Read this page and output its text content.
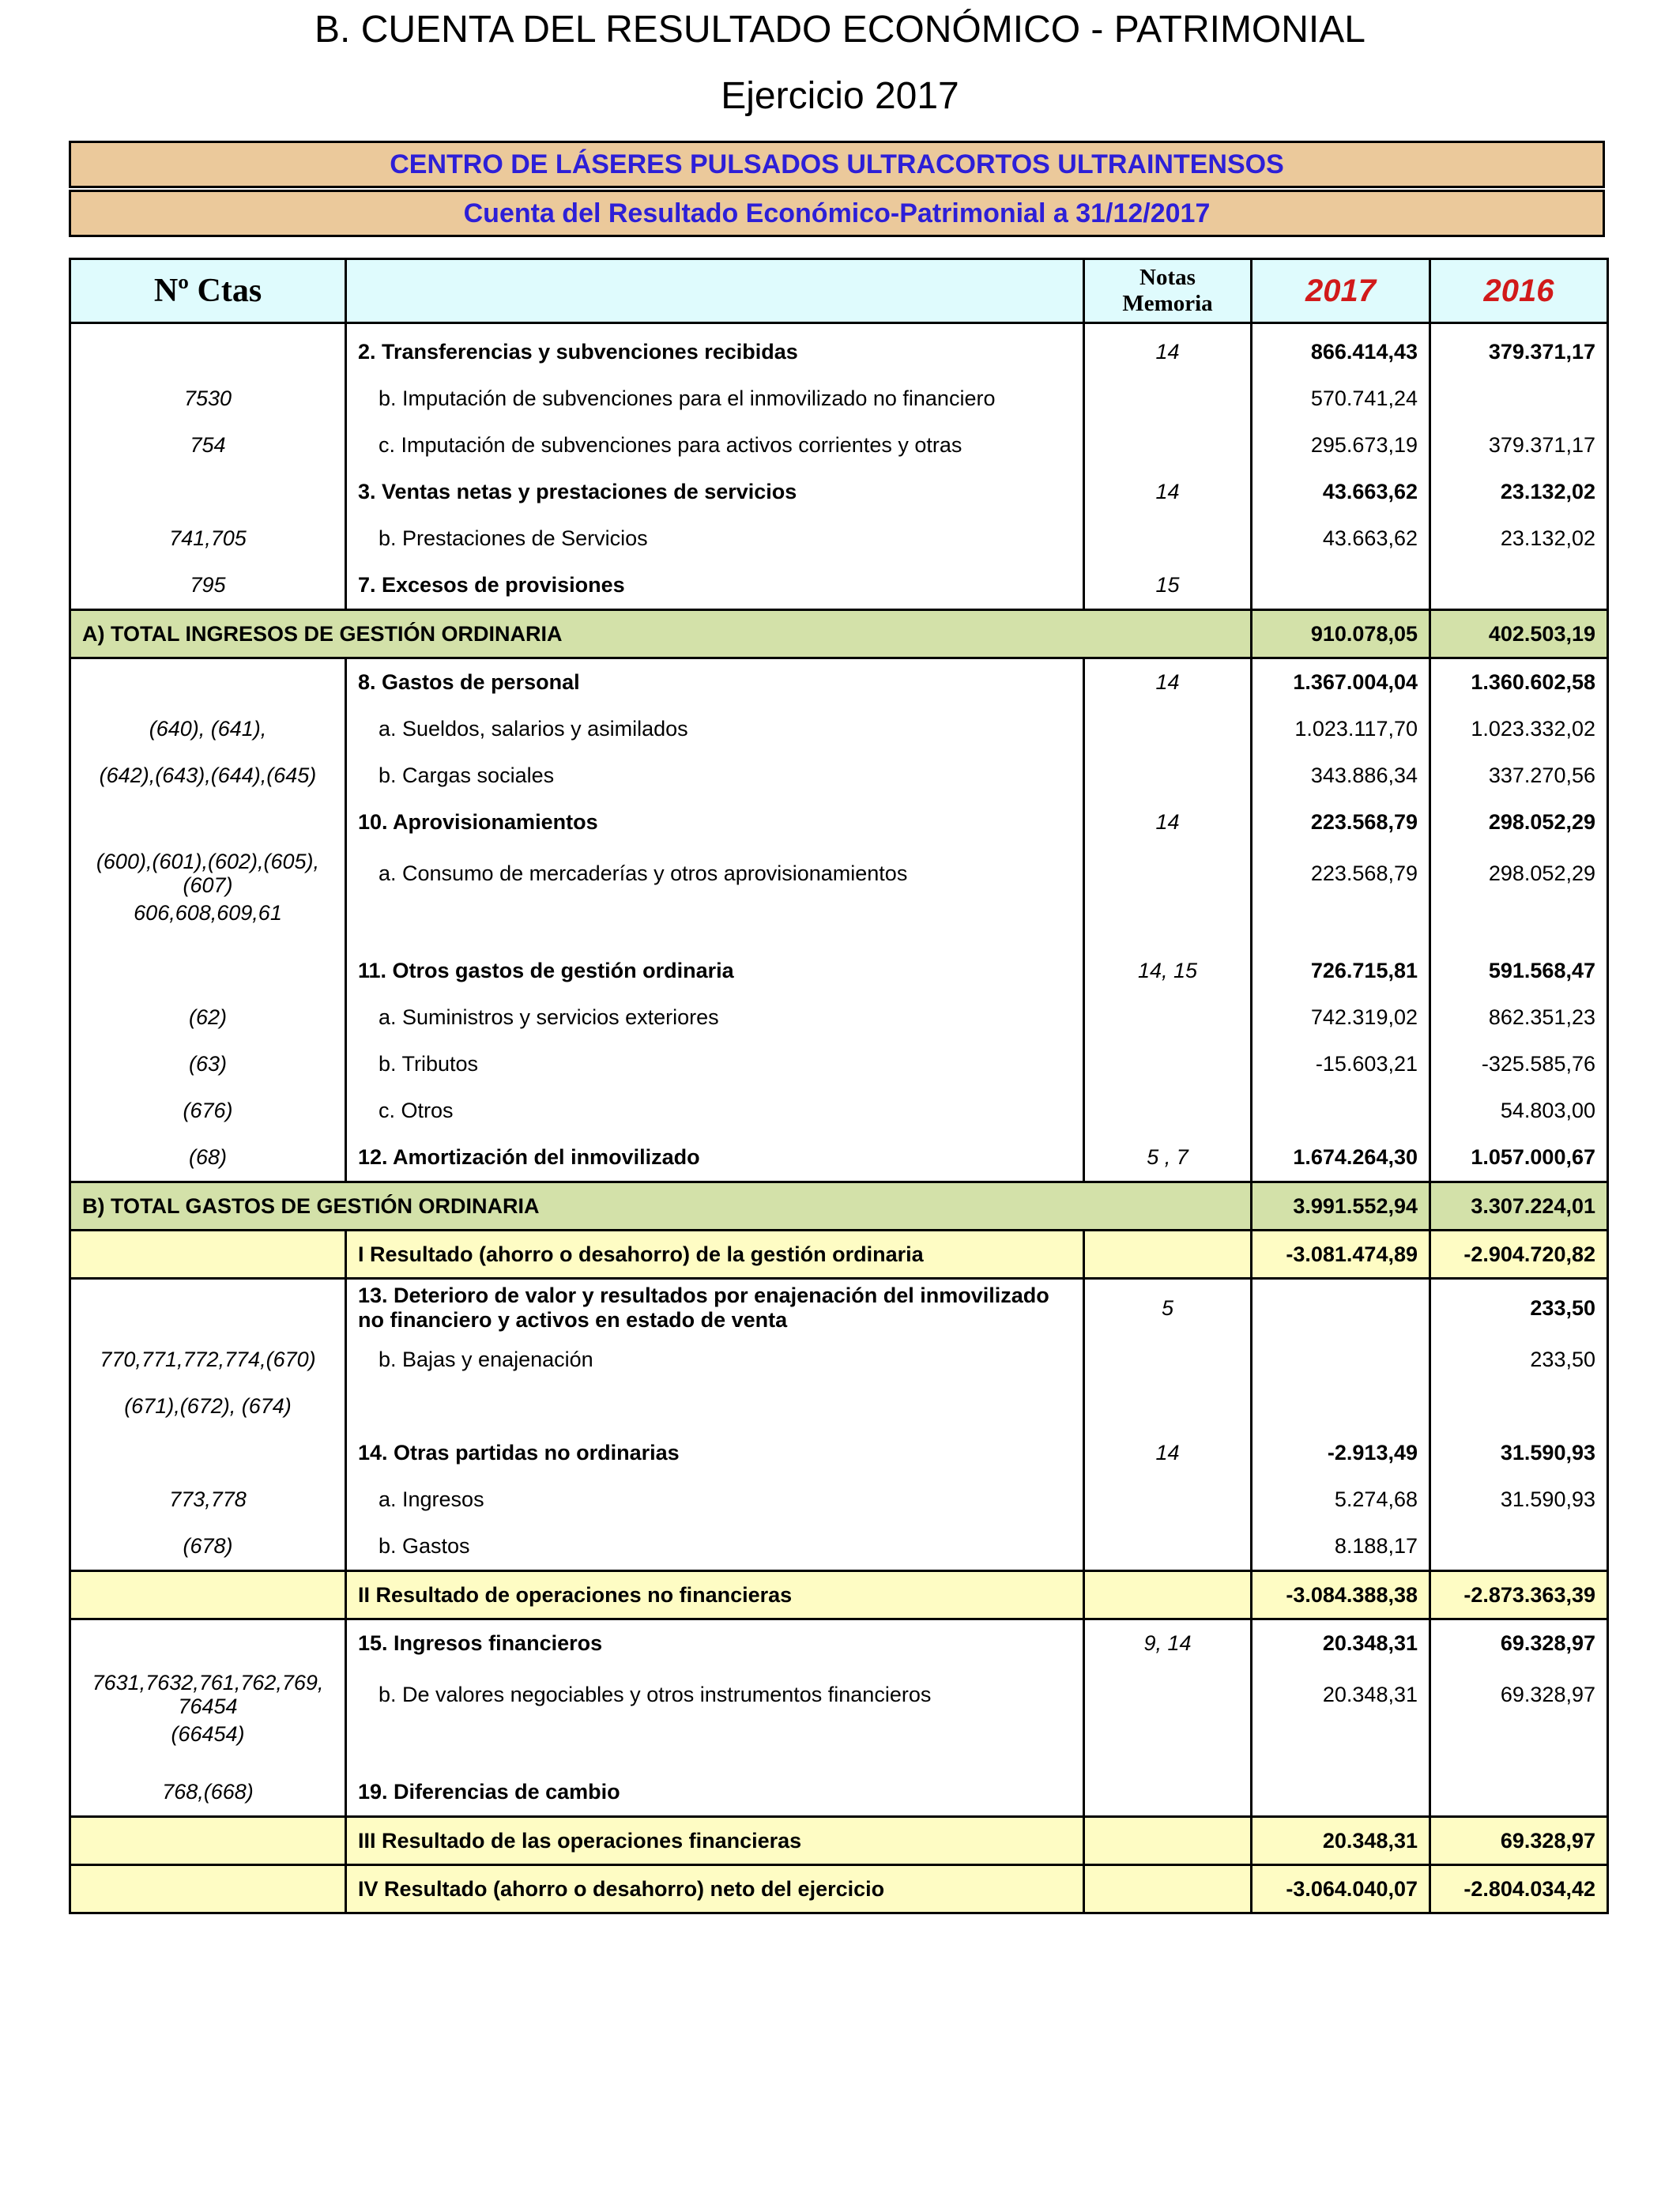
B. CUENTA DEL RESULTADO ECONÓMICO - PATRIMONIAL
Ejercicio 2017
CENTRO DE LÁSERES PULSADOS ULTRACORTOS ULTRAINTENSOS
Cuenta del Resultado Económico-Patrimonial a 31/12/2017
Nº Ctas		Notas Memoria	2017	2016

	2. Transferencias y subvenciones recibidas	14	866.414,43	379.371,17
7530	b. Imputación de subvenciones para el inmovilizado no financiero		570.741,24	
754	c. Imputación de subvenciones para activos corrientes y otras		295.673,19	379.371,17
	3. Ventas netas y prestaciones de servicios	14	43.663,62	23.132,02
741,705	b. Prestaciones de Servicios		43.663,62	23.132,02
795	7. Excesos de provisiones	15		
A) TOTAL INGRESOS DE GESTIÓN ORDINARIA			910.078,05	402.503,19
	8. Gastos de personal	14	1.367.004,04	1.360.602,58
(640), (641),	a. Sueldos, salarios y asimilados		1.023.117,70	1.023.332,02
(642),(643),(644),(645)	b. Cargas sociales		343.886,34	337.270,56
	10. Aprovisionamientos	14	223.568,79	298.052,29
(600),(601),(602),(605),(607)	a. Consumo de mercaderías y otros aprovisionamientos		223.568,79	298.052,29
606,608,609,61				
	11. Otros gastos de gestión ordinaria	14, 15	726.715,81	591.568,47
(62)	a. Suministros y servicios exteriores		742.319,02	862.351,23
(63)	b. Tributos		-15.603,21	-325.585,76
(676)	c. Otros			54.803,00
(68)	12. Amortización del inmovilizado	5 , 7	1.674.264,30	1.057.000,67
B) TOTAL GASTOS DE GESTIÓN ORDINARIA			3.991.552,94	3.307.224,01
	I Resultado (ahorro o desahorro) de la gestión ordinaria		-3.081.474,89	-2.904.720,82
	13. Deterioro de valor y resultados por enajenación del inmovilizado no financiero y activos en estado de venta	5		233,50
770,771,772,774,(670)	b. Bajas y enajenación			233,50
(671),(672), (674)				
	14. Otras partidas no ordinarias	14	-2.913,49	31.590,93
773,778	a. Ingresos		5.274,68	31.590,93
(678)	b. Gastos		8.188,17	
	II Resultado de operaciones no financieras		-3.084.388,38	-2.873.363,39
	15. Ingresos financieros	9, 14	20.348,31	69.328,97
7631,7632,761,762,769, 76454	b. De valores negociables y otros instrumentos financieros		20.348,31	69.328,97
(66454)				
768,(668)	19. Diferencias de cambio			
	III Resultado de las operaciones financieras		20.348,31	69.328,97
	IV Resultado (ahorro o desahorro) neto del ejercicio		-3.064.040,07	-2.804.034,42
